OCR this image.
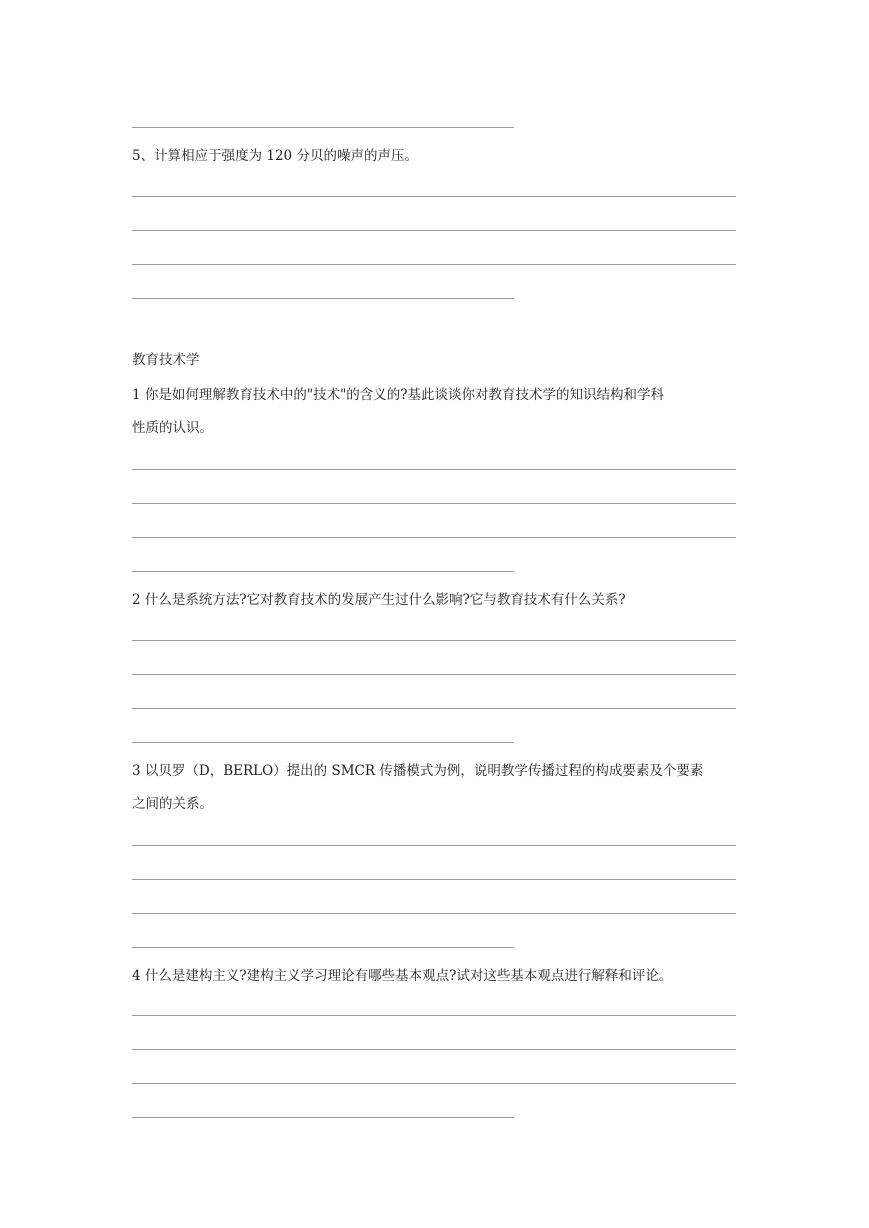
5、计算相应于强度为 120 分贝的噪声的声压。
教育技术学
1 你是如何理解教育技术中的"技术"的含义的?基此谈谈你对教育技术学的知识结构和学科
性质的认识。
2 什么是系统方法?它对教育技术的发展产生过什么影响?它与教育技术有什么关系?
3 以贝罗（D，BERLO）提出的 SMCR 传播模式为例，说明教学传播过程的构成要素及个要素
之间的关系。
4 什么是建构主义?建构主义学习理论有哪些基本观点?试对这些基本观点进行解释和评论。
